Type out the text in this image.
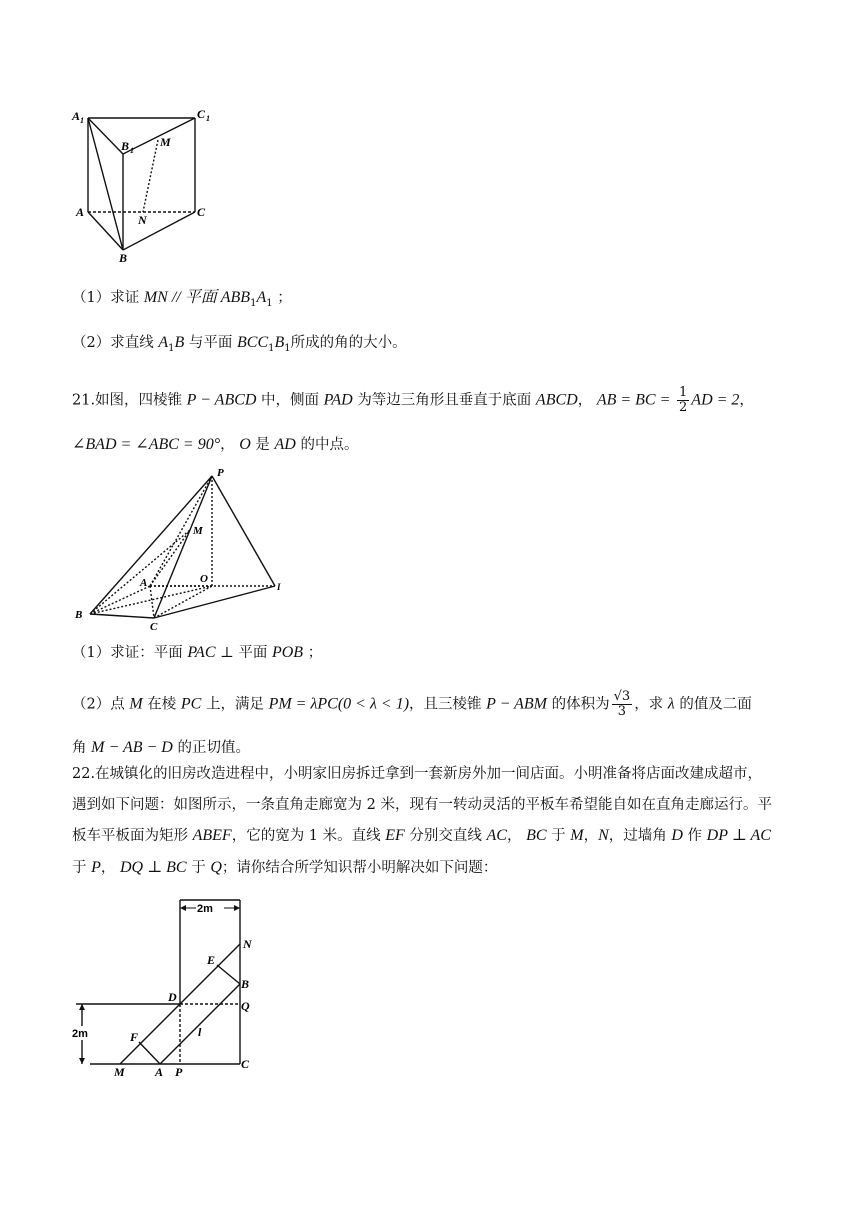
A 1	C 1
B 1
M
A
N
C
B
（1）求证 MN // 平面 $ABB_1A_1$ ；
（2）求直线 $A_1B$ 与平面 $BCC_1B_1$所成的角的大小。
21.如图，四棱锥 P − ABCD 中，侧面 PAD 为等边三角形且垂直于底面 ABCD， AB = BC = $\frac{1}{2}$ AD = 2，
∠BAD = ∠ABC = 90°， O 是 AD 的中点。
P
M
A	O
I
B
C
（1）求证：平面 PAC ⊥ 平面 POB ；
（2）点 M 在棱 PC 上，满足 PM = λPC(0 < λ < 1)，且三棱锥 P − ABM 的体积为 $\frac{√3}{3}$ ，求 λ 的值及二面
角 M − AB − D 的正切值。
22.在城镇化的旧房改造进程中，小明家旧房拆迁拿到一套新房外加一间店面。小明准备将店面改建成超市，
遇到如下问题：如图所示，一条直角走廊宽为 2 米，现有一转动灵活的平板车希望能自如在直角走廊运行。平
板车平板面为矩形 ABEF，它的宽为 1 米。直线 EF 分别交直线 AC， BC 于 M，N，过墙角 D 作 DP ⊥ AC
于 P， DQ ⊥ BC 于 Q；请你结合所学知识帮小明解决如下问题：
2m
2m
N
E
B
Q
D
F	l
M	A P
C
